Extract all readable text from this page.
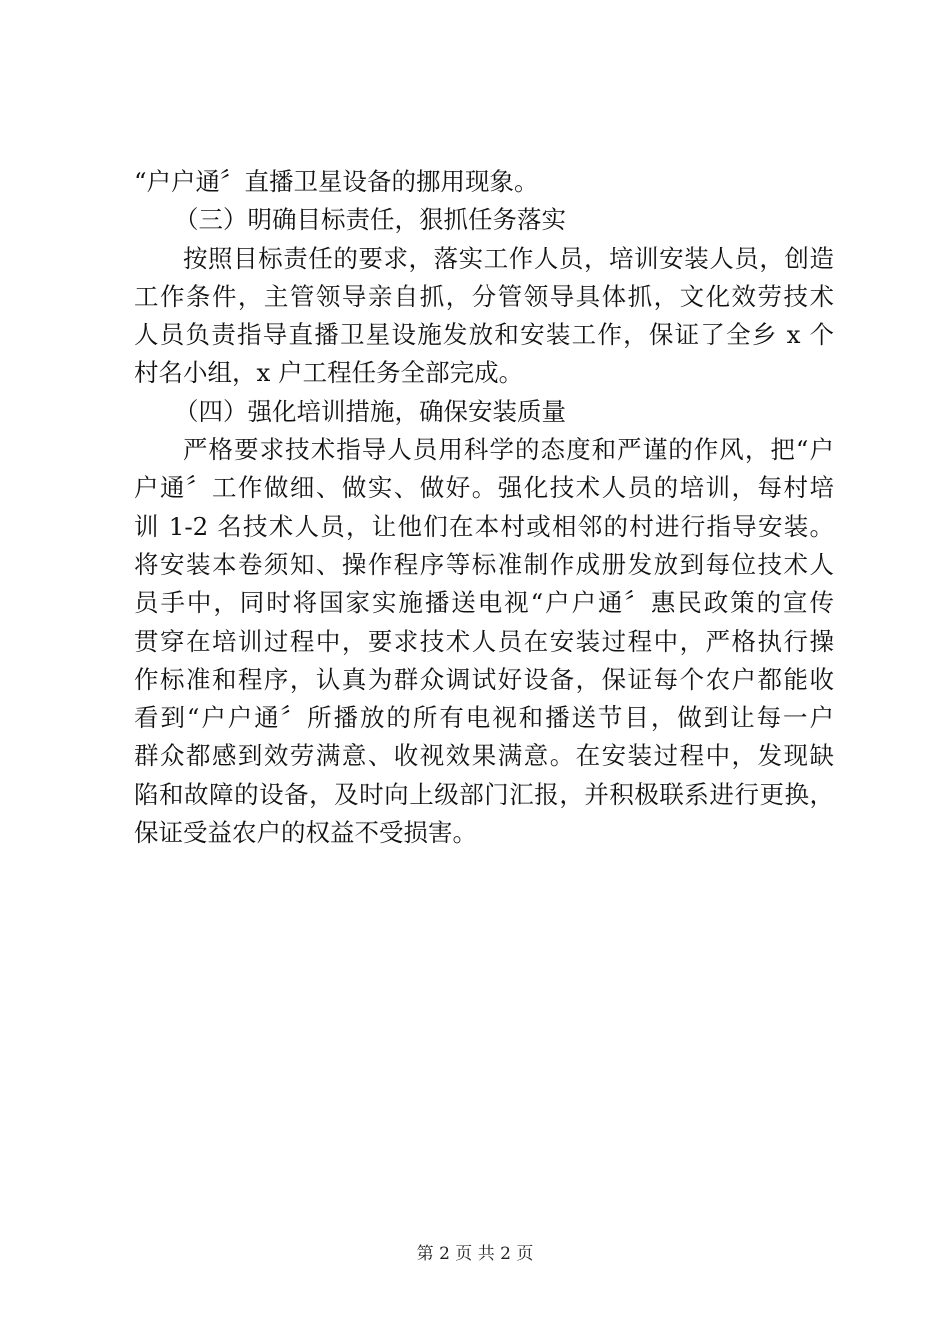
“户户通〞直播卫星设备的挪用现象。
（三）明确目标责任，狠抓任务落实
按照目标责任的要求，落实工作人员，培训安装人员，创造
工作条件，主管领导亲自抓，分管领导具体抓，文化效劳技术
人员负责指导直播卫星设施发放和安装工作，保证了全乡 x 个
村名小组，x 户工程任务全部完成。
（四）强化培训措施，确保安装质量
严格要求技术指导人员用科学的态度和严谨的作风，把“户
户通〞工作做细、做实、做好。强化技术人员的培训，每村培
训 1-2 名技术人员，让他们在本村或相邻的村进行指导安装。
将安装本卷须知、操作程序等标准制作成册发放到每位技术人
员手中，同时将国家实施播送电视“户户通〞惠民政策的宣传
贯穿在培训过程中，要求技术人员在安装过程中，严格执行操
作标准和程序，认真为群众调试好设备，保证每个农户都能收
看到“户户通〞所播放的所有电视和播送节目，做到让每一户
群众都感到效劳满意、收视效果满意。在安装过程中，发现缺
陷和故障的设备，及时向上级部门汇报，并积极联系进行更换，
保证受益农户的权益不受损害。
第 2 页 共 2 页
